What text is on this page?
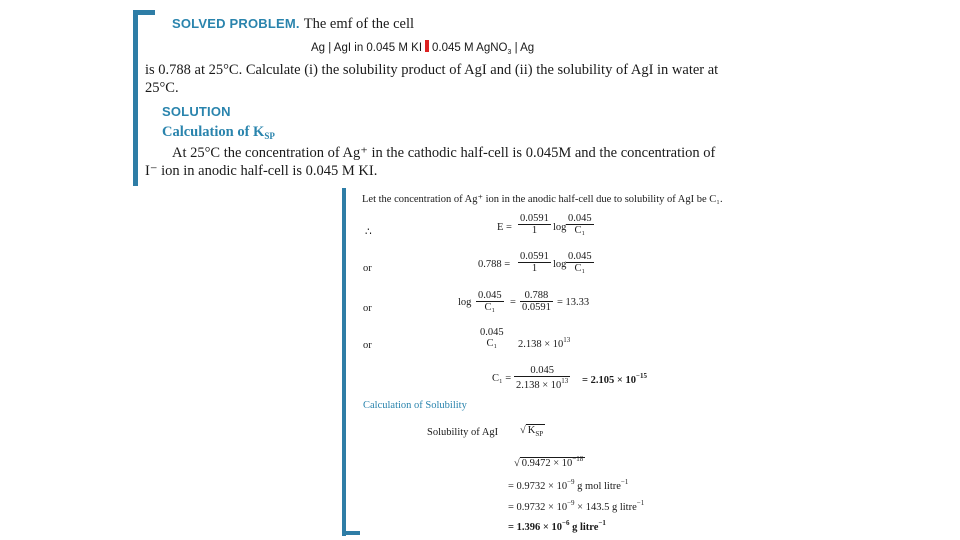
SOLVED PROBLEM. The emf of the cell
Ag | AgI in 0.045 M KI 0.045 M AgNO$_3$ | Ag
is 0.788 at 25°C. Calculate (i) the solubility product of AgI and (ii) the solubility of AgI in water at
25°C.
SOLUTION
Calculation of $K_{SP}$
At 25°C the concentration of Ag⁺ in the cathodic half-cell is 0.045M and the concentration of
I⁻ ion in anodic half-cell is 0.045 M KI.
Let the concentration of Ag⁺ ion in the anodic half-cell due to solubility of AgI be C₁.
∴	$E = \frac{0.0591}{1}$ $\log \frac{0.045}{\text{C₁}}$
or	$0.788 = \frac{0.0591}{1}$ $\log \frac{0.045}{\text{C₁}}$
or
$\log \frac{0.045}{\text{C₁}} = \frac{0.788}{0.0591} = 13.33$
or
0.045
C₁	$2.138 \times 10^{13}$
$C_1 = \frac{0.045}{2.138 \times 10^{13}} = 2.105 \times 10^{-15}$
Calculation of Solubility
Solubility of AgI √ $K_{SP}$
√ $0.9472 \times 10^{-18}$
= $0.9732 \times 10^{-9}$ g mol litre$^{-1}$
= $0.9732 \times 10^{-9} \times 143.5$ g litre$^{-1}$
= $1.396 \times 10^{-6}$ g litre$^{-1}$
